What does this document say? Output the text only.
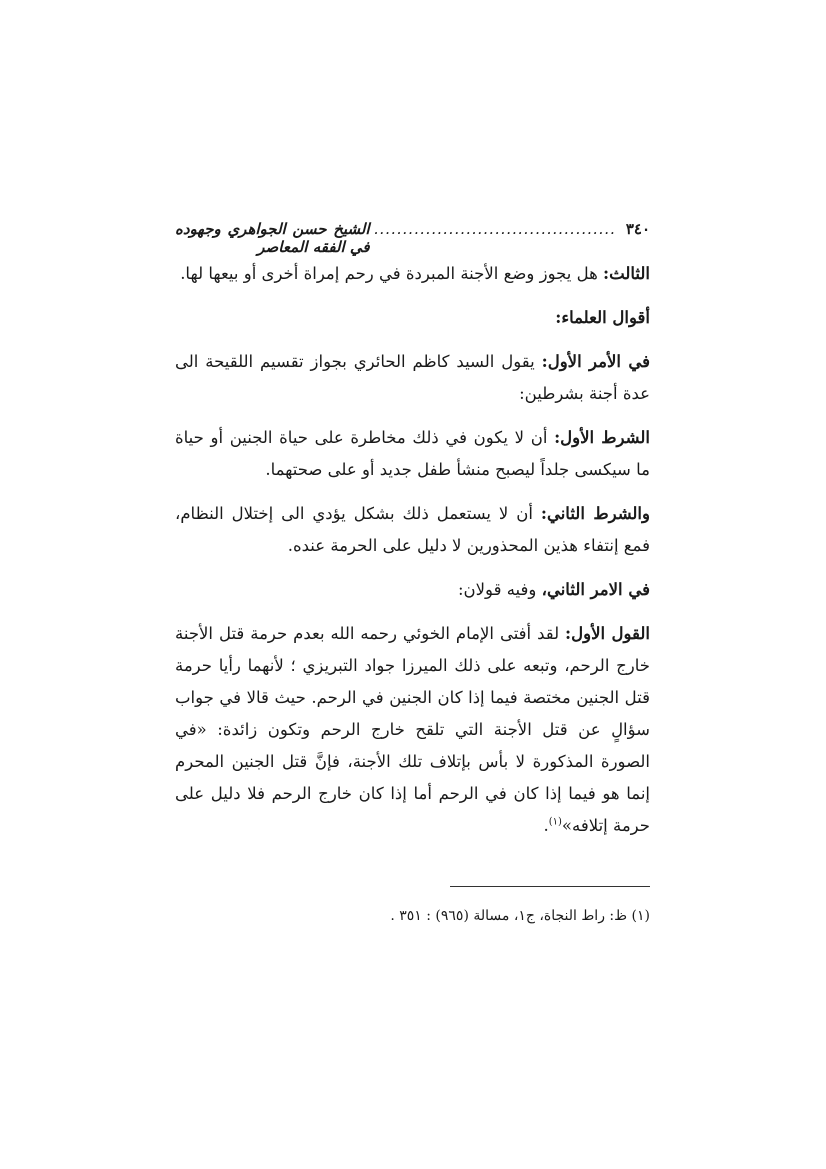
٣٤٠
..........................................
الشيخ حسن الجواهري وجهوده في الفقه المعاصر

الثالث: هل يجوز وضع الأجنة المبردة في رحم إمراة أخرى أو بيعها لها.

أقوال العلماء:

في الأمر الأول: يقول السيد كاظم الحائري بجواز تقسيم اللقيحة الى عدة أجنة بشرطين:

الشرط الأول: أن لا يكون في ذلك مخاطرة على حياة الجنين أو حياة ما سيكسى جلداً ليصبح منشأ طفل جديد أو على صحتهما.

والشرط الثاني: أن لا يستعمل ذلك بشكل يؤدي الى إختلال النظام، فمع إنتفاء هذين المحذورين لا دليل على الحرمة عنده.

في الامر الثاني، وفيه قولان:

القول الأول: لقد أفتى الإمام الخوئي رحمه الله بعدم حرمة قتل الأجنة خارج الرحم، وتبعه على ذلك الميرزا جواد التبريزي ؛ لأنهما رأيا حرمة قتل الجنين مختصة فيما إذا كان الجنين في الرحم. حيث قالا في جواب سؤالٍ عن قتل الأجنة التي تلقح خارج الرحم وتكون زائدة: «في الصورة المذكورة لا بأس بإتلاف تلك الأجنة، فإنَّ قتل الجنين المحرم إنما هو فيما إذا كان في الرحم أما إذا كان خارج الرحم فلا دليل على حرمة إتلافه»$^{(١)}$.

(١) ظ: راط النجاة، ج١، مسالة (٩٦٥) : ٣٥١ .
